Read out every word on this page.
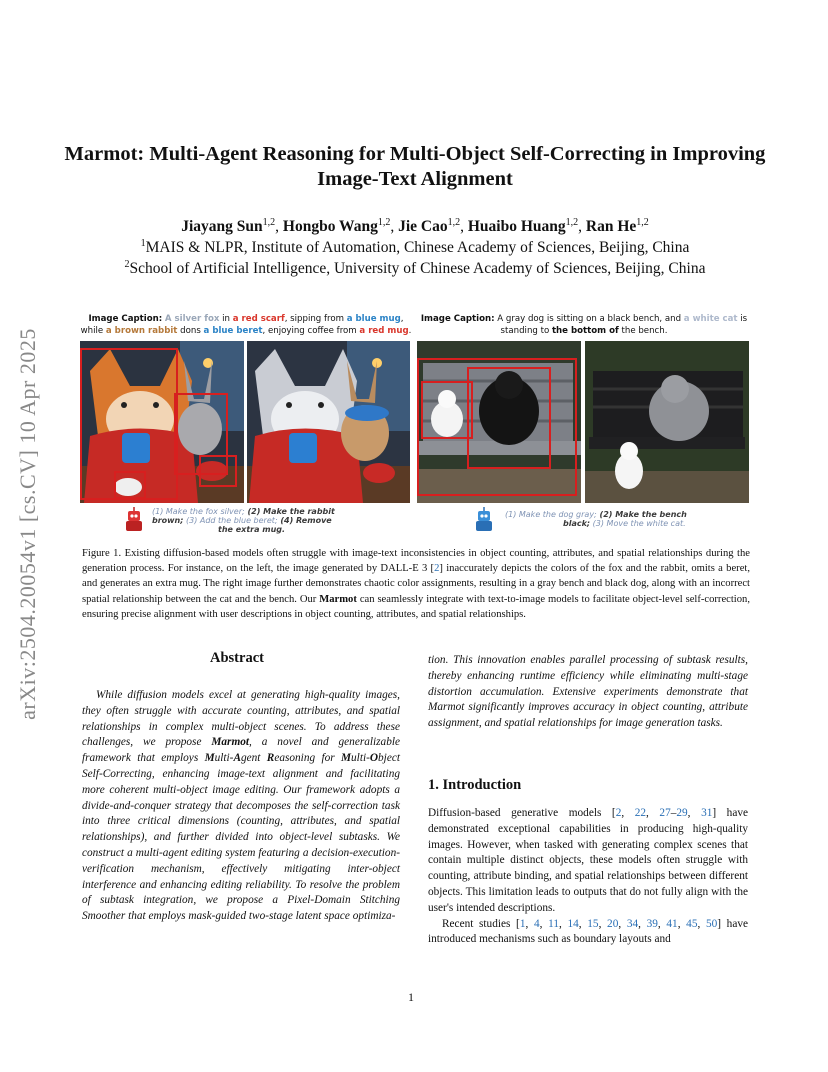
arXiv:2504.20054v1 [cs.CV] 10 Apr 2025
Marmot: Multi-Agent Reasoning for Multi-Object Self-Correcting in Improving Image-Text Alignment
Jiayang Sun$^{1,2}$, Hongbo Wang$^{1,2}$, Jie Cao$^{1,2}$, Huaibo Huang$^{1,2}$, Ran He$^{1,2}$
$^1$MAIS & NLPR, Institute of Automation, Chinese Academy of Sciences, Beijing, China
$^2$School of Artificial Intelligence, University of Chinese Academy of Sciences, Beijing, China
Image Caption: A silver fox in a red scarf, sipping from a blue mug,
while a brown rabbit dons a blue beret, enjoying coffee from a red mug.
Image Caption: A gray dog is sitting on a black bench, and a white cat is
standing to the bottom of the bench.
(1) Make the fox silver; (2) Make the rabbit
brown; (3) Add the blue beret; (4) Remove
the extra mug.
(1) Make the dog gray; (2) Make the bench
black; (3) Move the white cat.
Figure 1. Existing diffusion-based models often struggle with image-text inconsistencies in object counting, attributes, and spatial relationships during the generation process. For instance, on the left, the image generated by DALL-E 3 [2] inaccurately depicts the colors of the fox and the rabbit, omits a beret, and generates an extra mug. The right image further demonstrates chaotic color assignments, resulting in a gray bench and black dog, along with an incorrect spatial relationship between the cat and the bench. Our Marmot can seamlessly integrate with text-to-image models to facilitate object-level self-correction, ensuring precise alignment with user descriptions in object counting, attributes, and spatial relationships.
Abstract
While diffusion models excel at generating high-quality images, they often struggle with accurate counting, attributes, and spatial relationships in complex multi-object scenes. To address these challenges, we propose Marmot, a novel and generalizable framework that employs Multi-Agent Reasoning for Multi-Object Self-Correcting, enhancing image-text alignment and facilitating more coherent multi-object image editing. Our framework adopts a divide-and-conquer strategy that decomposes the self-correction task into three critical dimensions (counting, attributes, and spatial relationships), and further divided into object-level subtasks. We construct a multi-agent editing system featuring a decision-execution-verification mechanism, effectively mitigating inter-object interference and enhancing editing reliability. To resolve the problem of subtask integration, we propose a Pixel-Domain Stitching Smoother that employs mask-guided two-stage latent space optimiza-
tion. This innovation enables parallel processing of subtask results, thereby enhancing runtime efficiency while eliminating multi-stage distortion accumulation. Extensive experiments demonstrate that Marmot significantly improves accuracy in object counting, attribute assignment, and spatial relationships for image generation tasks.
1. Introduction
Diffusion-based generative models [2, 22, 27–29, 31] have demonstrated exceptional capabilities in producing high-quality images. However, when tasked with generating complex scenes that contain multiple distinct objects, these models often struggle with counting, attribute binding, and spatial relationships between different objects. This limitation leads to outputs that do not fully align with the user's intended descriptions.
Recent studies [1, 4, 11, 14, 15, 20, 34, 39, 41, 45, 50] have introduced mechanisms such as boundary layouts and
1
